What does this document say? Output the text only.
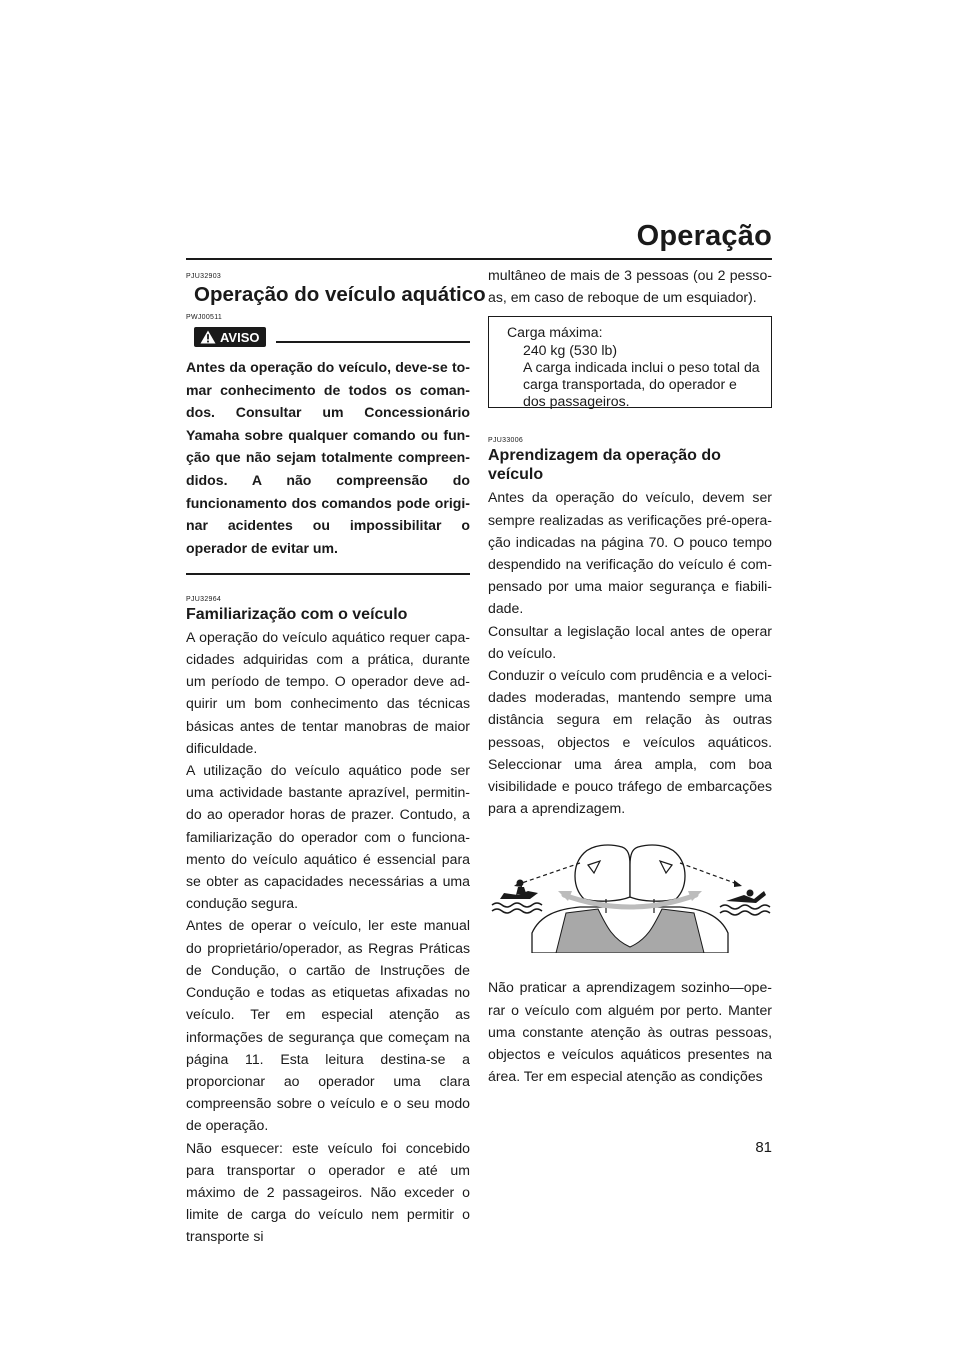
Operação

PJU32903

Operação do veículo aquático

PWJ00511

AVISO

Antes da operação do veículo, deve-se tomar conhecimento de todos os comandos. Consultar um Concessionário Yamaha sobre qualquer comando ou função que não sejam totalmente compreendidos. A não compreensão do funcionamento dos comandos pode originar acidentes ou impossibilitar o operador de evitar um.

PJU32964

Familiarização com o veículo

A operação do veículo aquático requer capacidades adquiridas com a prática, durante um período de tempo. O operador deve adquirir um bom conhecimento das técnicas básicas antes de tentar manobras de maior dificuldade.

A utilização do veículo aquático pode ser uma actividade bastante aprazível, permitindo ao operador horas de prazer. Contudo, a familiarização do operador com o funcionamento do veículo aquático é essencial para se obter as capacidades necessárias a uma condução segura.

Antes de operar o veículo, ler este manual do proprietário/operador, as Regras Práticas de Condução, o cartão de Instruções de Condução e todas as etiquetas afixadas no veículo. Ter em especial atenção as informações de segurança que começam na página 11. Esta leitura destina-se a proporcionar ao operador uma clara compreensão sobre o veículo e o seu modo de operação.

Não esquecer: este veículo foi concebido para transportar o operador e até um máximo de 2 passageiros. Não exceder o limite de carga do veículo nem permitir o transporte si

multâneo de mais de 3 pessoas (ou 2 pessoas, em caso de reboque de um esquiador).

Carga máxima:
240 kg (530 lb)
A carga indicada inclui o peso total da carga transportada, do operador e dos passageiros.

PJU33006

Aprendizagem da operação do veículo

Antes da operação do veículo, devem ser sempre realizadas as verificações pré-operação indicadas na página 70. O pouco tempo despendido na verificação do veículo é compensado por uma maior segurança e fiabilidade.

Consultar a legislação local antes de operar do veículo.

Conduzir o veículo com prudência e a velocidades moderadas, mantendo sempre uma distância segura em relação às outras pessoas, objectos e veículos aquáticos. Seleccionar uma área ampla, com boa visibilidade e pouco tráfego de embarcações para a aprendizagem.

Não praticar a aprendizagem sozinho—operar o veículo com alguém por perto. Manter uma constante atenção às outras pessoas, objectos e veículos aquáticos presentes na área. Ter em especial atenção as condições

81
